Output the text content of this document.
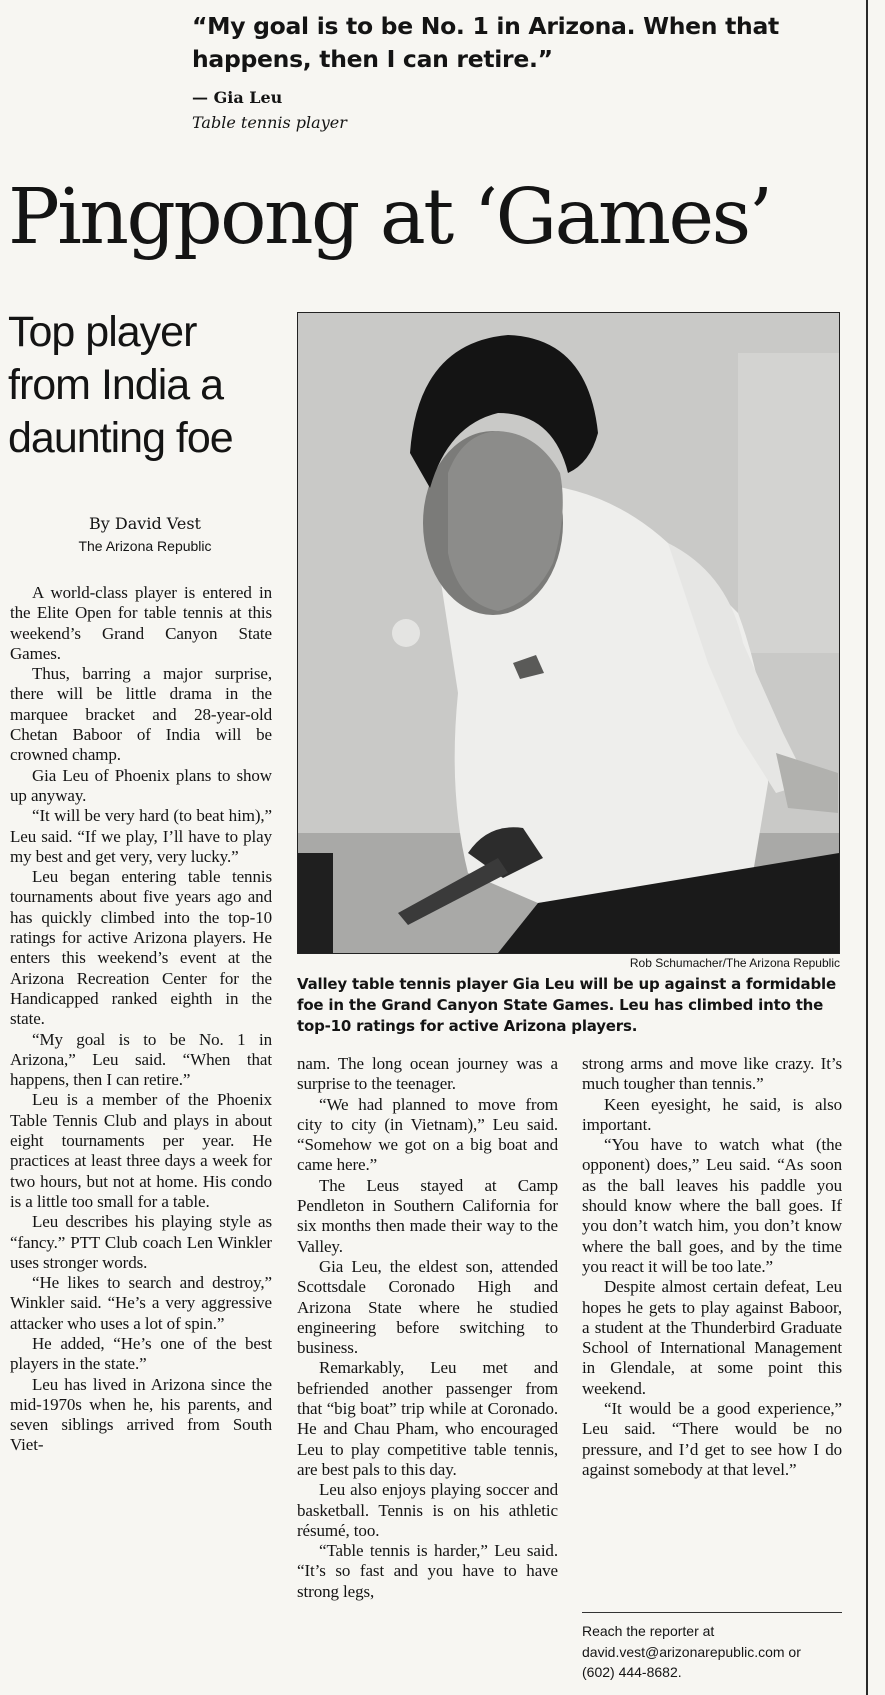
“My goal is to be No. 1 in Arizona. When that happens, then I can retire.”
— Gia Leu
Table tennis player
Pingpong at ‘Games’
Top player from India a daunting foe
By David Vest
The Arizona Republic
Rob Schumacher/The Arizona Republic
Valley table tennis player Gia Leu will be up against a formidable foe in the Grand Canyon State Games. Leu has climbed into the top-10 ratings for active Arizona players.

A world-class player is entered in the Elite Open for table tennis at this weekend’s Grand Canyon State Games.

Thus, barring a major surprise, there will be little drama in the marquee bracket and 28-year-old Chetan Baboor of India will be crowned champ.

Gia Leu of Phoenix plans to show up anyway.

“It will be very hard (to beat him),” Leu said. “If we play, I’ll have to play my best and get very, very lucky.”

Leu began entering table tennis tournaments about five years ago and has quickly climbed into the top-10 ratings for active Arizona players. He enters this weekend’s event at the Arizona Recreation Center for the Handicapped ranked eighth in the state.

“My goal is to be No. 1 in Arizona,” Leu said. “When that happens, then I can retire.”

Leu is a member of the Phoenix Table Tennis Club and plays in about eight tournaments per year. He practices at least three days a week for two hours, but not at home. His condo is a little too small for a table.

Leu describes his playing style as “fancy.” PTT Club coach Len Winkler uses stronger words.

“He likes to search and destroy,” Winkler said. “He’s a very aggressive attacker who uses a lot of spin.”

He added, “He’s one of the best players in the state.”

Leu has lived in Arizona since the mid-1970s when he, his parents, and seven siblings arrived from South Viet-

nam. The long ocean journey was a surprise to the teenager.

“We had planned to move from city to city (in Vietnam),” Leu said. “Somehow we got on a big boat and came here.”

The Leus stayed at Camp Pendleton in Southern California for six months then made their way to the Valley.

Gia Leu, the eldest son, attended Scottsdale Coronado High and Arizona State where he studied engineering before switching to business.

Remarkably, Leu met and befriended another passenger from that “big boat” trip while at Coronado. He and Chau Pham, who encouraged Leu to play competitive table tennis, are best pals to this day.

Leu also enjoys playing soccer and basketball. Tennis is on his athletic résumé, too.

“Table tennis is harder,” Leu said. “It’s so fast and you have to have strong legs,

strong arms and move like crazy. It’s much tougher than tennis.”

Keen eyesight, he said, is also important.

“You have to watch what (the opponent) does,” Leu said. “As soon as the ball leaves his paddle you should know where the ball goes. If you don’t watch him, you don’t know where the ball goes, and by the time you react it will be too late.”

Despite almost certain defeat, Leu hopes he gets to play against Baboor, a student at the Thunderbird Graduate School of International Management in Glendale, at some point this weekend.

“It would be a good experience,” Leu said. “There would be no pressure, and I’d get to see how I do against somebody at that level.”

Reach the reporter at
david.vest@arizonarepublic.com or
(602) 444-8682.
